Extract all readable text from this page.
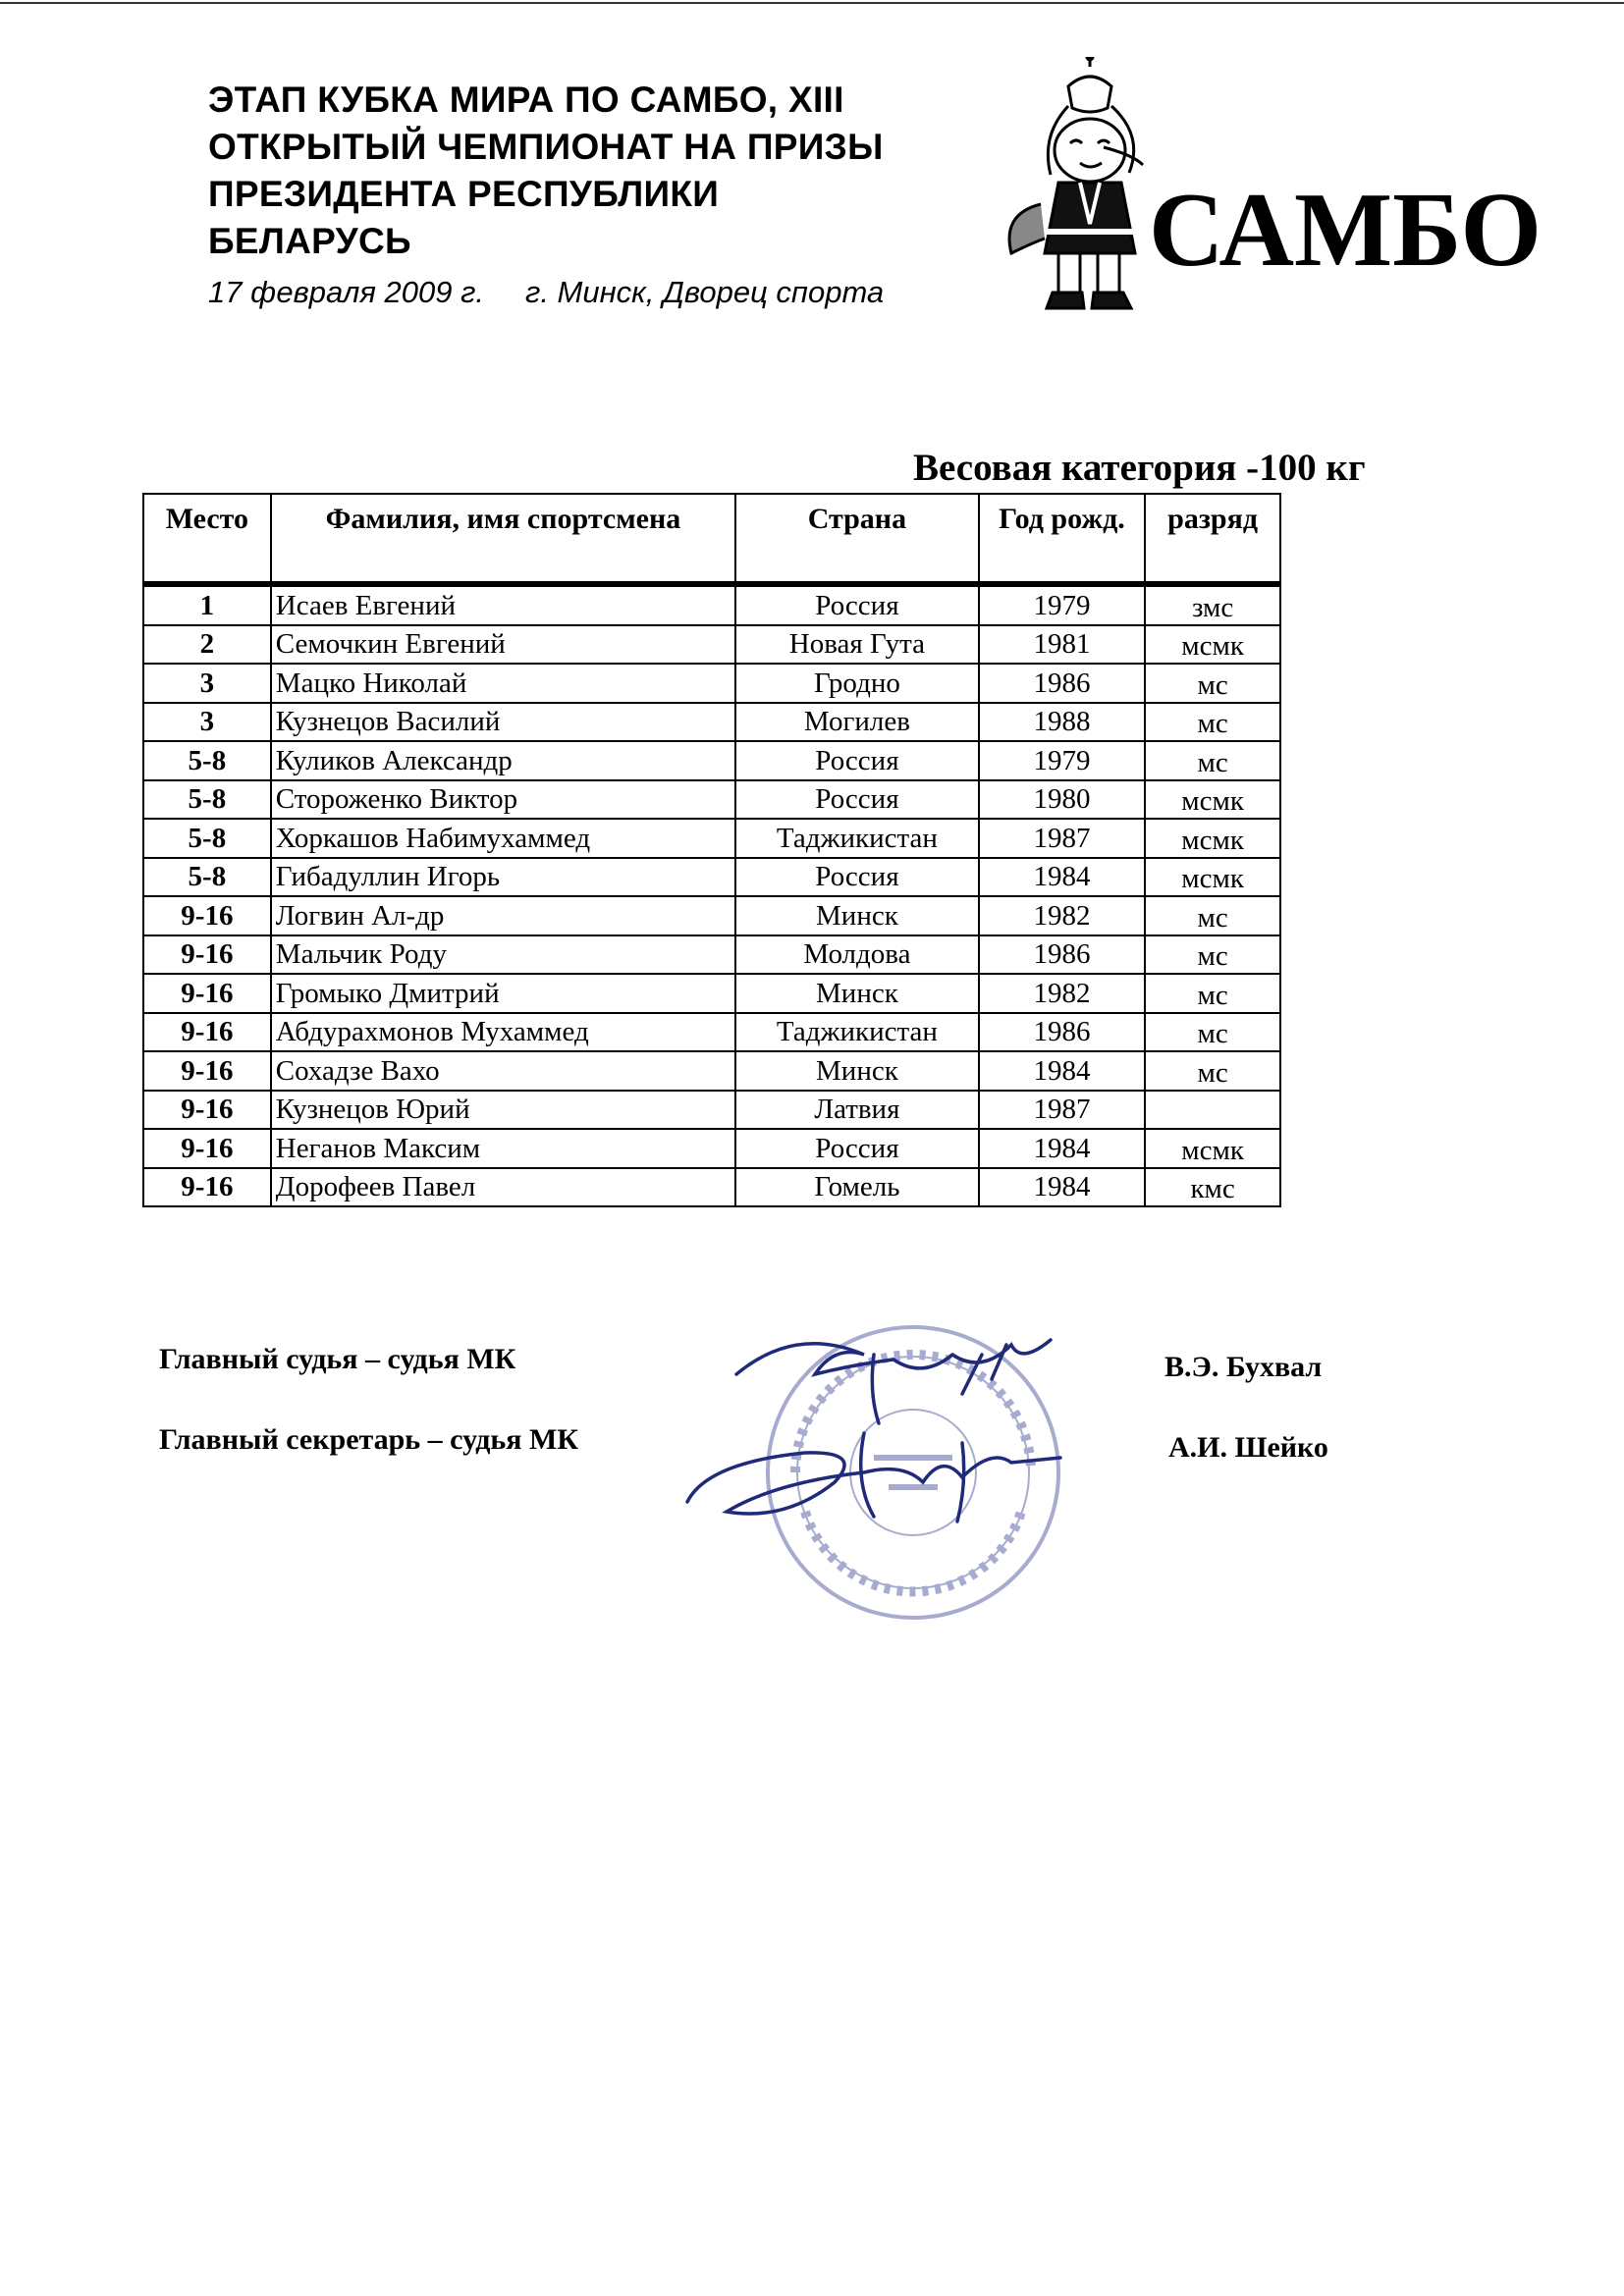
ЭТАП КУБКА МИРА ПО САМБО, XIII
ОТКРЫТЫЙ ЧЕМПИОНАТ НА ПРИЗЫ
ПРЕЗИДЕНТА РЕСПУБЛИКИ
БЕЛАРУСЬ
17 февраля 2009 г. г. Минск, Дворец спорта
САМБО
Весовая категория -100 кг
Место	Фамилия, имя спортсмена	Страна	Год рожд.	разряд
1	Исаев Евгений	Россия	1979	змс
2	Семочкин Евгений	Новая Гута	1981	мсмк
3	Мацко Николай	Гродно	1986	мс
3	Кузнецов Василий	Могилев	1988	мс
5-8	Куликов Александр	Россия	1979	мс
5-8	Стороженко Виктор	Россия	1980	мсмк
5-8	Хоркашов Набимухаммед	Таджикистан	1987	мсмк
5-8	Гибадуллин Игорь	Россия	1984	мсмк
9-16	Логвин Ал-др	Минск	1982	мс
9-16	Мальчик Роду	Молдова	1986	мс
9-16	Громыко Дмитрий	Минск	1982	мс
9-16	Абдурахмонов Мухаммед	Таджикистан	1986	мс
9-16	Сохадзе Вахо	Минск	1984	мс
9-16	Кузнецов Юрий	Латвия	1987	
9-16	Неганов Максим	Россия	1984	мсмк
9-16	Дорофеев Павел	Гомель	1984	кмс
Главный судья – судья МК	В.Э. Бухвал
Главный секретарь – судья МК	А.И. Шейко
